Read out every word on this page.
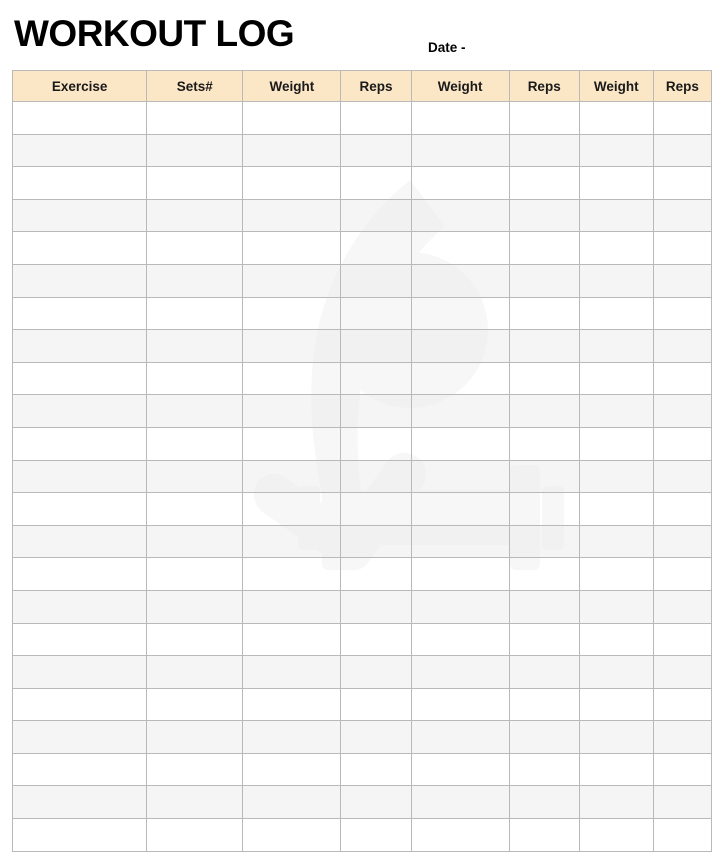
WORKOUT LOG	Date -
Exercise	Sets#	Weight	Reps	Weight	Reps	Weight	Reps
